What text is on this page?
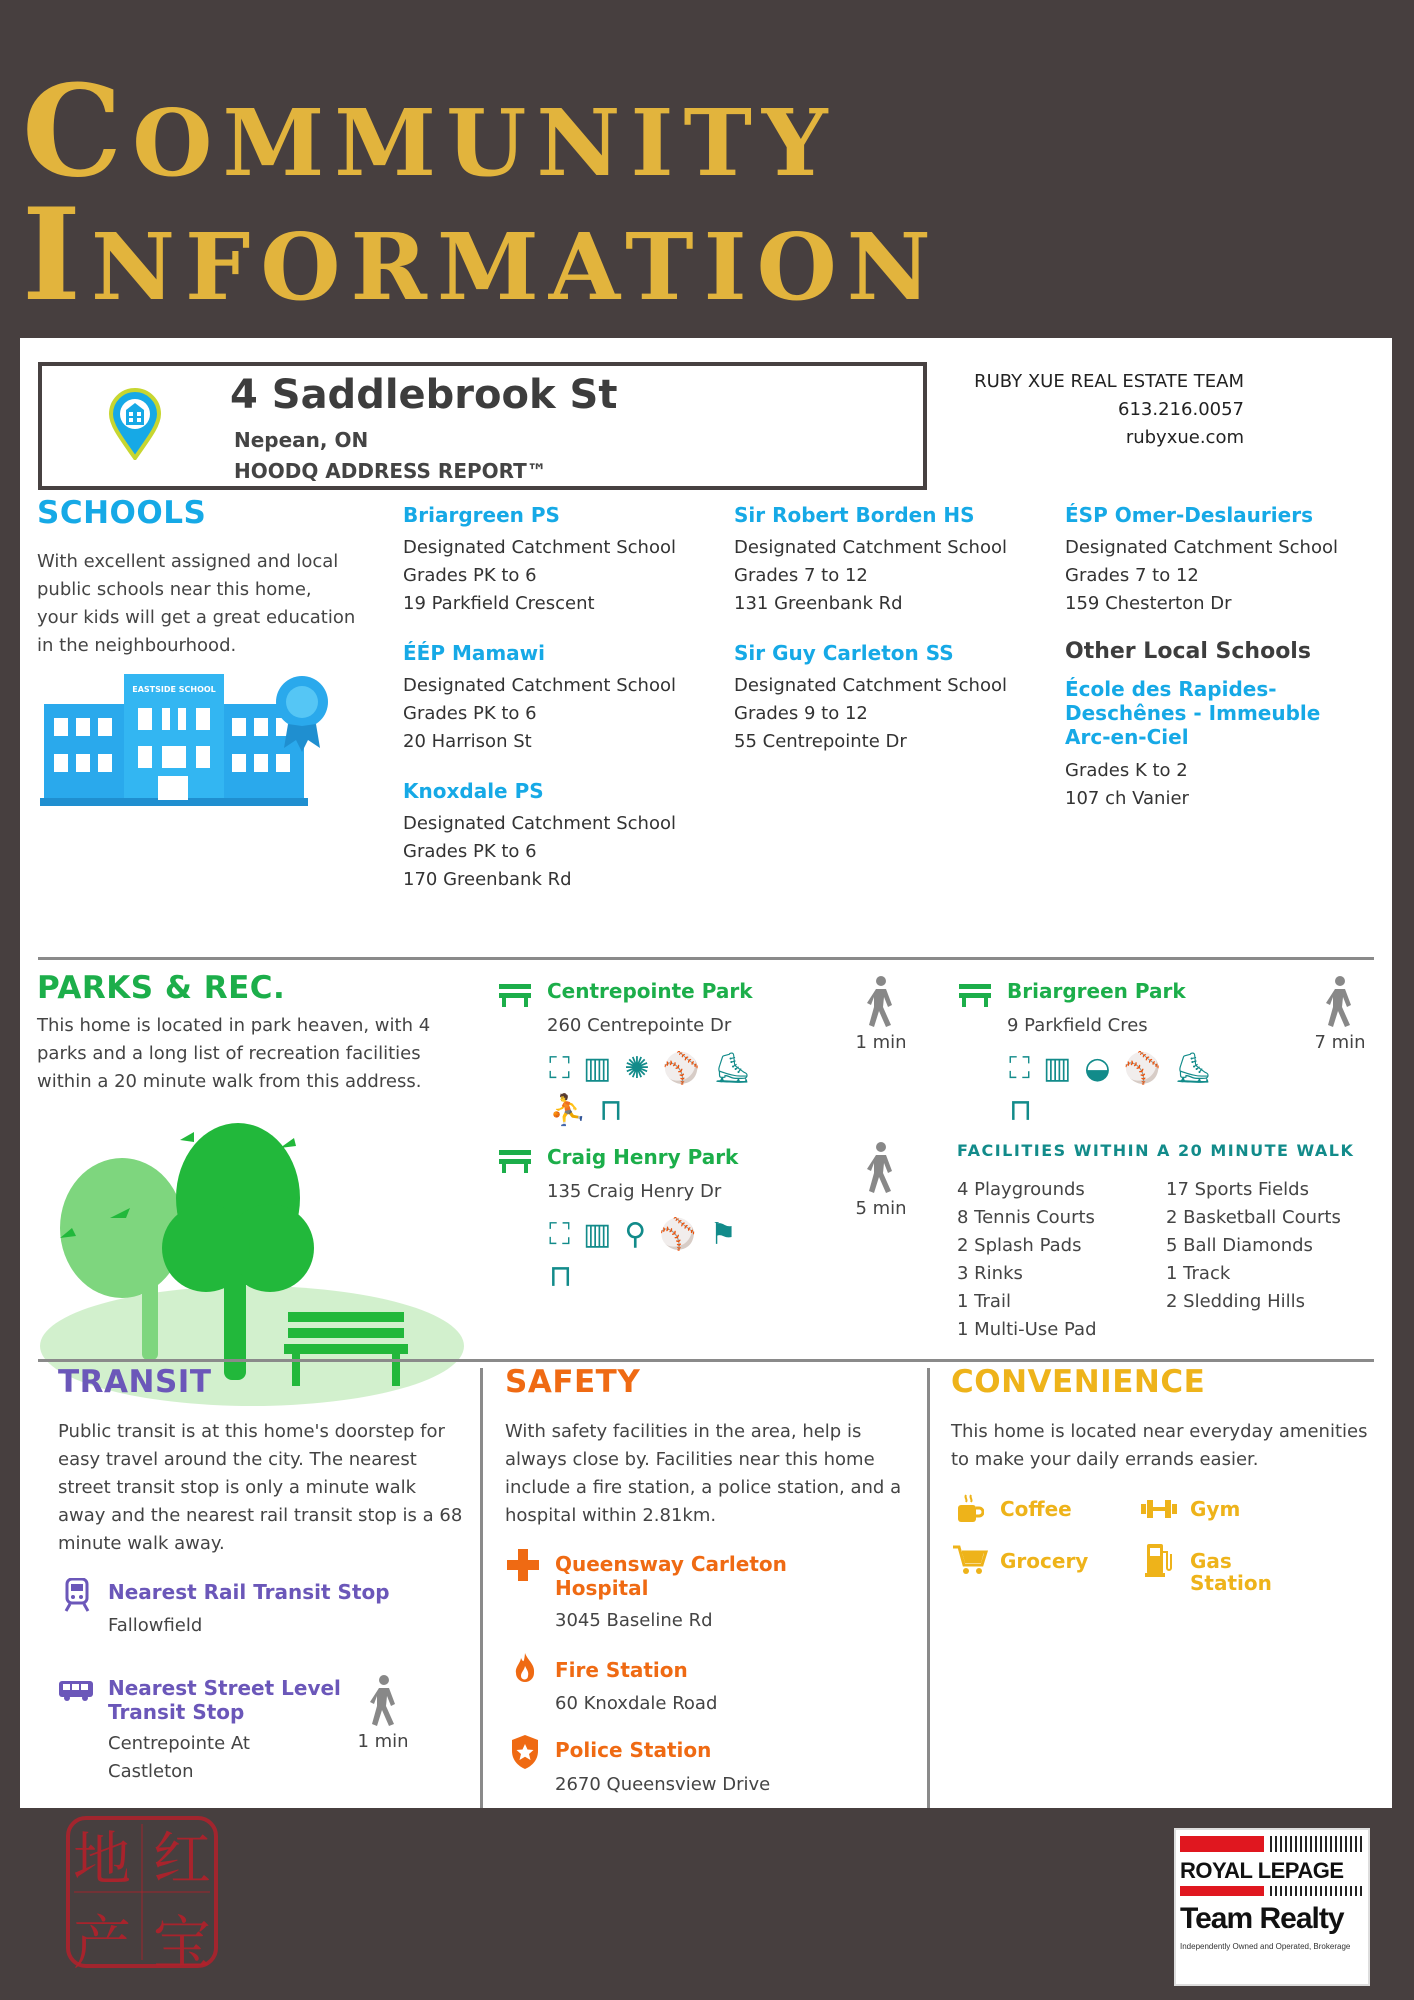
COMMUNITY
INFORMATION
4 Saddlebrook St
Nepean, ON
HOODQ ADDRESS REPORT™
RUBY XUE REAL ESTATE TEAM
613.216.0057
rubyxue.com
SCHOOLS
With excellent assigned and local public schools near this home, your kids will get a great education in the neighbourhood.
EASTSIDE SCHOOL
Briargreen PS
Designated Catchment School
Grades PK to 6
19 Parkfield Crescent
ÉÉP Mamawi
Designated Catchment School
Grades PK to 6
20 Harrison St
Knoxdale PS
Designated Catchment School
Grades PK to 6
170 Greenbank Rd
Sir Robert Borden HS
Designated Catchment School
Grades 7 to 12
131 Greenbank Rd
Sir Guy Carleton SS
Designated Catchment School
Grades 9 to 12
55 Centrepointe Dr
ÉSP Omer-Deslauriers
Designated Catchment School
Grades 7 to 12
159 Chesterton Dr
Other Local Schools
École des Rapides-Deschênes - Immeuble Arc-en-Ciel
Grades K to 2
107 ch Vanier
PARKS & REC.
This home is located in park heaven, with 4 parks and a long list of recreation facilities within a 20 minute walk from this address.
Centrepointe Park
260 Centrepointe Dr
⛶▥✺⚾⛸
⛹⊓
1 min
Briargreen Park
9 Parkfield Cres
⛶▥◒⚾⛸
⊓
7 min
Craig Henry Park
135 Craig Henry Dr
⛶▥⚲⚾⚑
⊓
5 min
FACILITIES WITHIN A 20 MINUTE WALK
4 Playgrounds
8 Tennis Courts
2 Splash Pads
3 Rinks
1 Trail
1 Multi-Use Pad
17 Sports Fields
2 Basketball Courts
5 Ball Diamonds
1 Track
2 Sledding Hills
TRANSIT
Public transit is at this home's doorstep for easy travel around the city. The nearest street transit stop is only a minute walk away and the nearest rail transit stop is a 68 minute walk away.
Nearest Rail Transit Stop
Fallowfield
Nearest Street Level
Transit Stop
Centrepointe At
Castleton
1 min
SAFETY
With safety facilities in the area, help is always close by. Facilities near this home include a fire station, a police station, and a hospital within 2.81km.
Queensway Carleton
Hospital
3045 Baseline Rd
Fire Station
60 Knoxdale Road
Police Station
2670 Queensview Drive
CONVENIENCE
This home is located near everyday amenities to make your daily errands easier.
Coffee	Gym
Grocery	Gas
Station
地 红
产 宝
ROYAL LEPAGE
Team Realty
Independently Owned and Operated, Brokerage
